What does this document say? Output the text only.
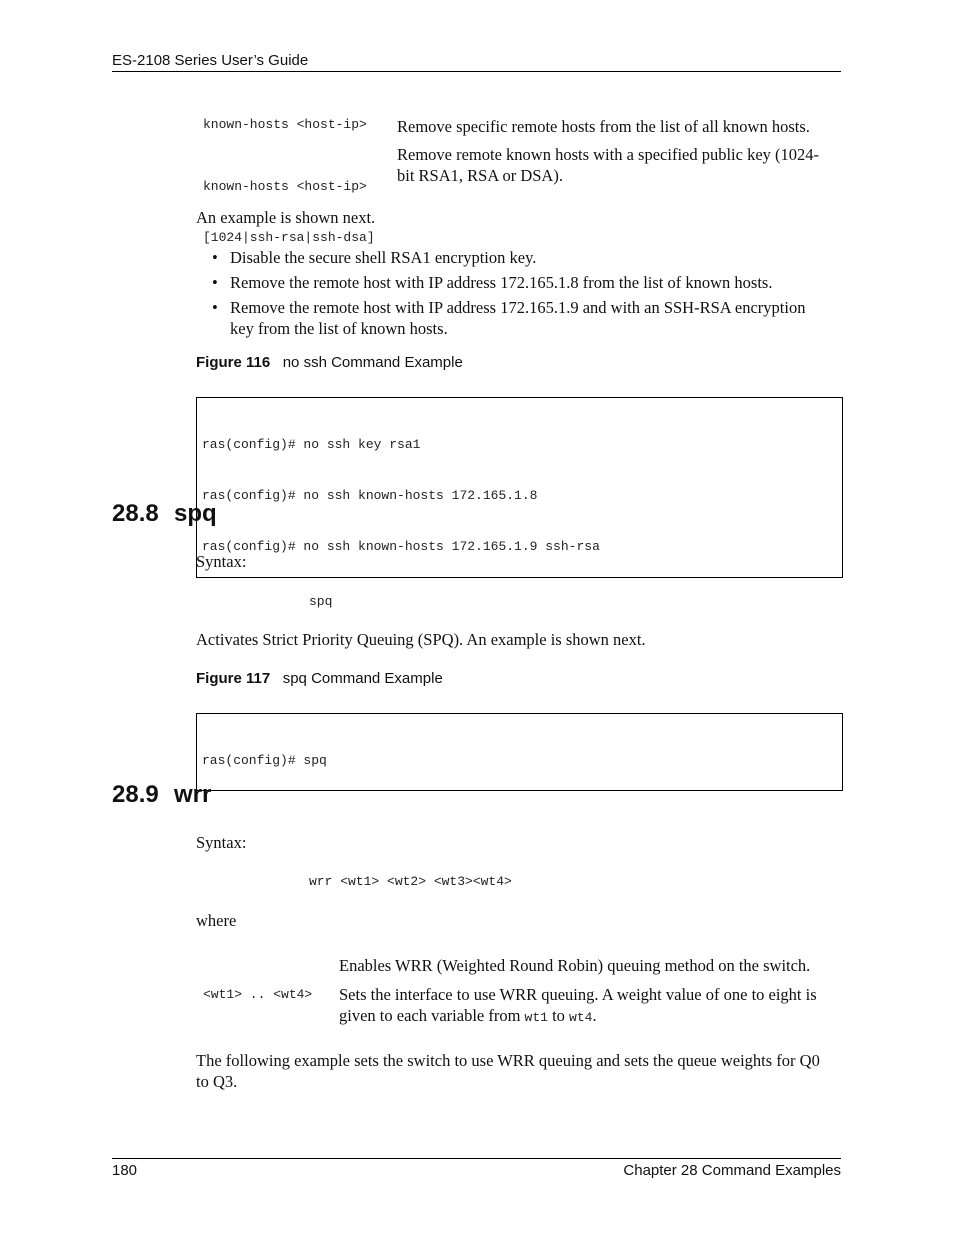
ES-2108 Series User’s Guide
known-hosts <host-ip> Remove specific remote hosts from the list of all known hosts.

known-hosts <host-ip>

[1024|ssh-rsa|ssh-dsa]

Remove remote known hosts with a specified public key (1024-
bit RSA1, RSA or DSA).
An example is shown next.
• Disable the secure shell RSA1 encryption key.
• Remove the remote host with IP address 172.165.1.8 from the list of known hosts.
• Remove the remote host with IP address 172.165.1.9 and with an SSH-RSA encryption
key from the list of known hosts.
Figure 116 no ssh Command Example

ras(config)# no ssh key rsa1

ras(config)# no ssh known-hosts 172.165.1.8

ras(config)# no ssh known-hosts 172.165.1.9 ssh-rsa

28.8 spq
Syntax:
spq
Activates Strict Priority Queuing (SPQ). An example is shown next.
Figure 117 spq Command Example

ras(config)# spq

28.9 wrr
Syntax:
wrr <wt1> <wt2> <wt3><wt4>
where
Enables WRR (Weighted Round Robin) queuing method on the switch.
<wt1> .. <wt4> Sets the interface to use WRR queuing. A weight value of one to eight is
given to each variable from wt1 to wt4.
The following example sets the switch to use WRR queuing and sets the queue weights for Q0
to Q3.
180	Chapter 28 Command Examples
